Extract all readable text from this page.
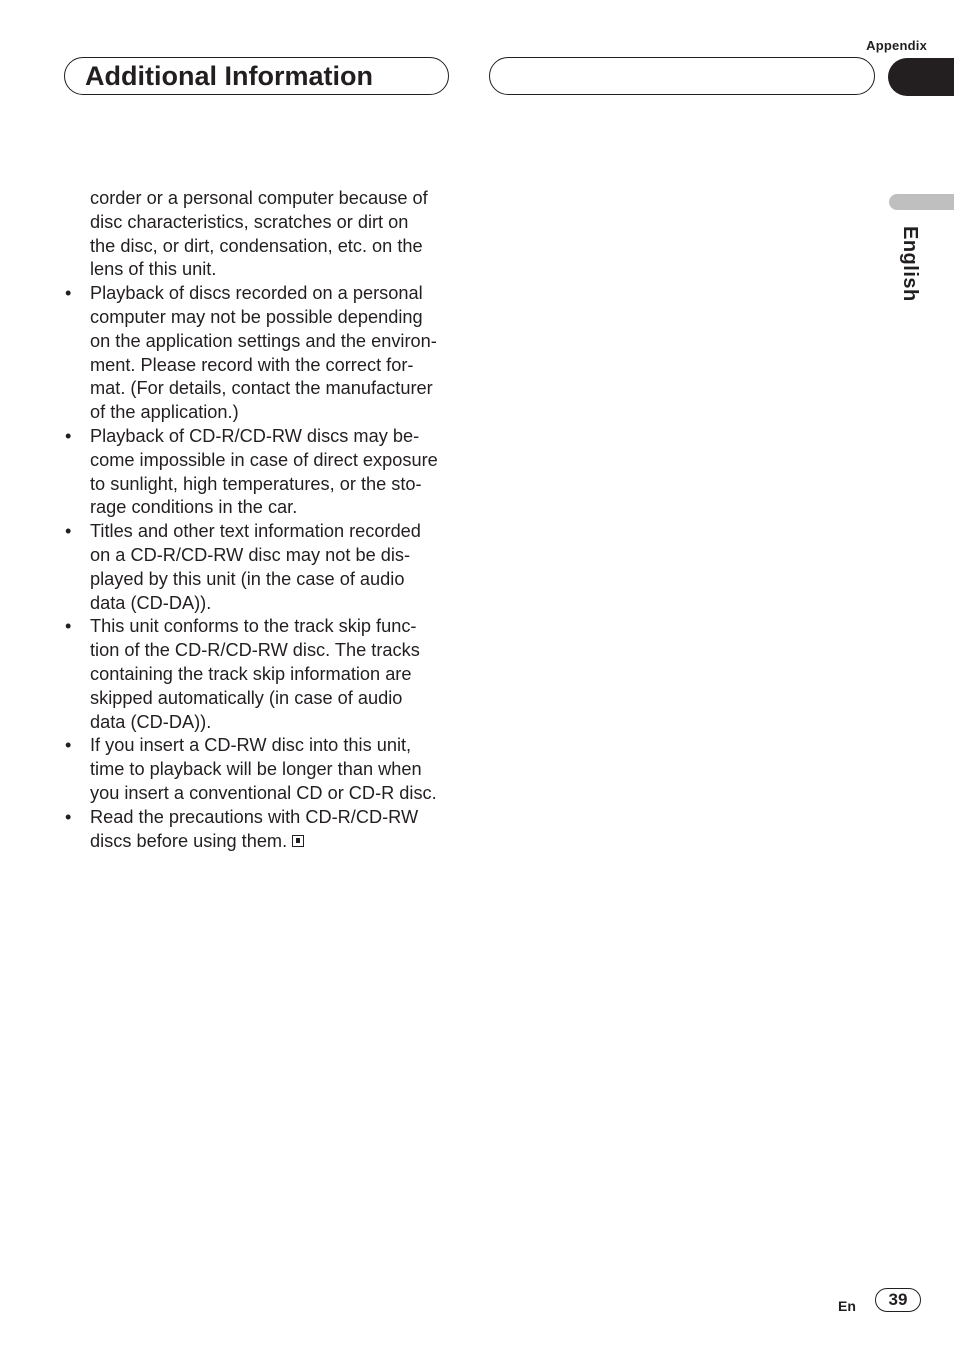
Appendix
Additional Information
English
corder or a personal computer because of
disc characteristics, scratches or dirt on
the disc, or dirt, condensation, etc. on the
lens of this unit.
• Playback of discs recorded on a personal
computer may not be possible depending
on the application settings and the environ-
ment. Please record with the correct for-
mat. (For details, contact the manufacturer
of the application.)
• Playback of CD-R/CD-RW discs may be-
come impossible in case of direct exposure
to sunlight, high temperatures, or the sto-
rage conditions in the car.
• Titles and other text information recorded
on a CD-R/CD-RW disc may not be dis-
played by this unit (in the case of audio
data (CD-DA)).
• This unit conforms to the track skip func-
tion of the CD-R/CD-RW disc. The tracks
containing the track skip information are
skipped automatically (in case of audio
data (CD-DA)).
• If you insert a CD-RW disc into this unit,
time to playback will be longer than when
you insert a conventional CD or CD-R disc.
• Read the precautions with CD-R/CD-RW
discs before using them.
En	39
